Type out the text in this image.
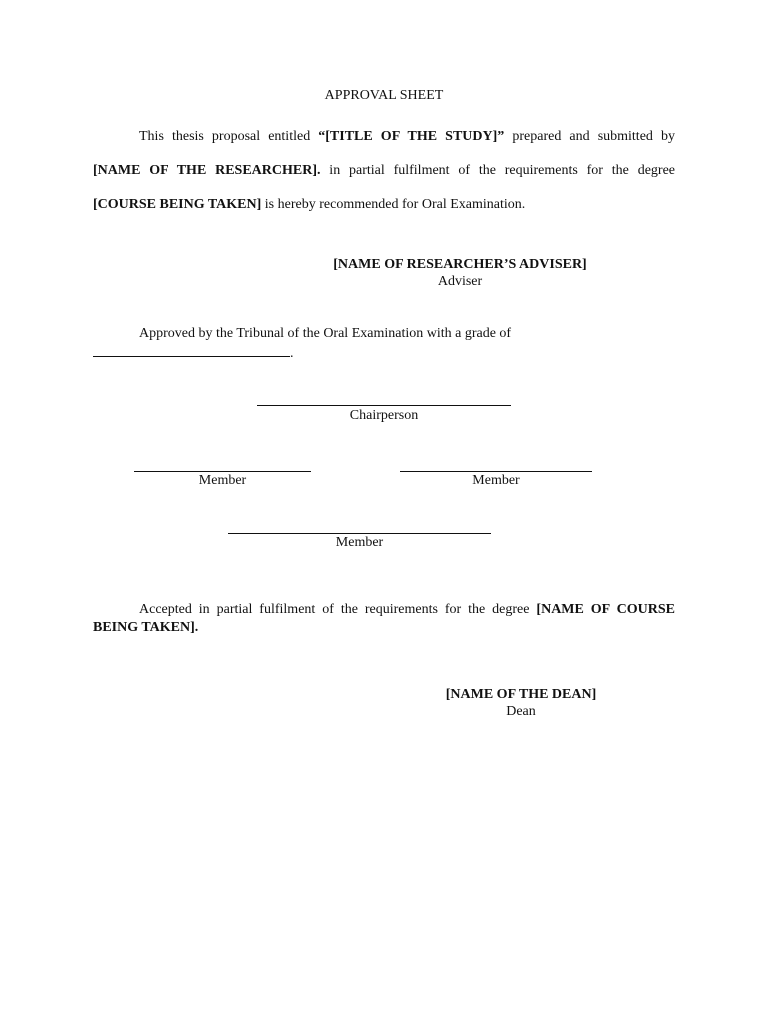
APPROVAL SHEET
This thesis proposal entitled “[TITLE OF THE STUDY]” prepared and submitted by [NAME OF THE RESEARCHER]. in partial fulfilment of the requirements for the degree [COURSE BEING TAKEN] is hereby recommended for Oral Examination.
[NAME OF RESEARCHER’S ADVISER]
Adviser
Approved by the Tribunal of the Oral Examination with a grade of
.
Chairperson
Member	Member
Member
Accepted in partial fulfilment of the requirements for the degree [NAME OF COURSE BEING TAKEN].
[NAME OF THE DEAN]
Dean
